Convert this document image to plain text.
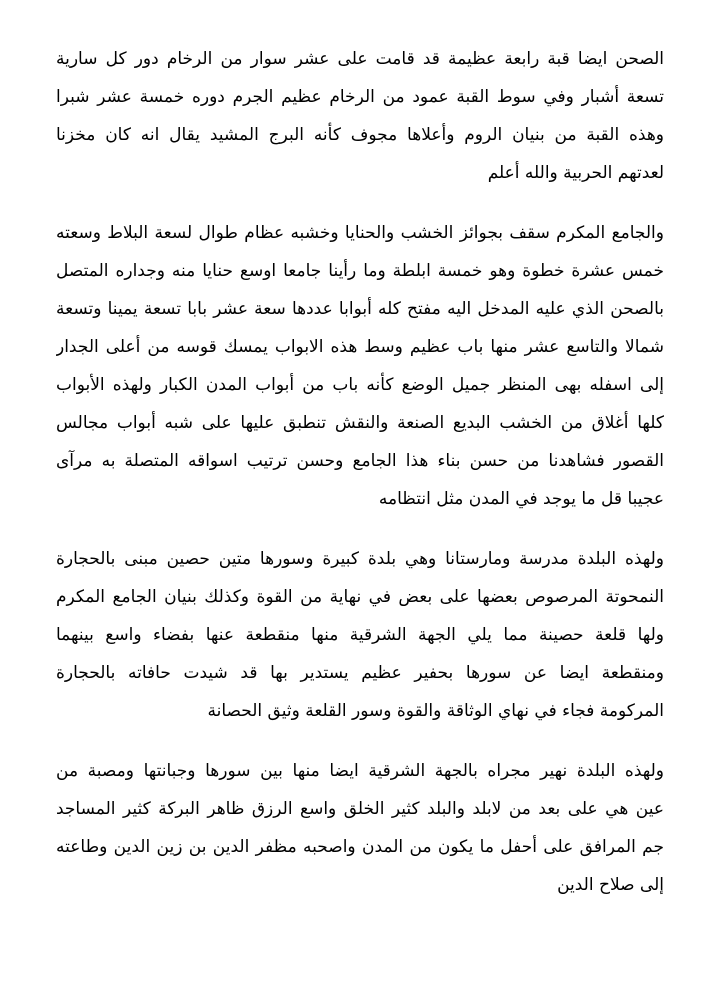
الصحن ايضا قبة رابعة عظيمة قد قامت على عشر سوار من الرخام دور كل سارية
تسعة أشبار وفي سوط القبة عمود من الرخام عظيم الجرم دوره خمسة عشر شبرا
وهذه القبة من بنيان الروم وأعلاها مجوف كأنه البرج المشيد يقال انه كان مخزنا
لعدتهم الحربية والله أعلم
والجامع المكرم سقف بجوائز الخشب والحنايا وخشبه عظام طوال لسعة البلاط وسعته
خمس عشرة خطوة وهو خمسة ابلطة وما رأينا جامعا اوسع حنايا منه وجداره المتصل
بالصحن الذي عليه المدخل اليه مفتح كله أبوابا عددها سعة عشر بابا تسعة يمينا وتسعة
شمالا والتاسع عشر منها باب عظيم وسط هذه الابواب يمسك قوسه من أعلى الجدار
إلى اسفله بهى المنظر جميل الوضع كأنه باب من أبواب المدن الكبار ولهذه الأبواب
كلها أغلاق من الخشب البديع الصنعة والنقش تنطبق عليها على شبه أبواب مجالس
القصور فشاهدنا من حسن بناء هذا الجامع وحسن ترتيب اسواقه المتصلة به مرآى
عجيبا قل ما يوجد في المدن مثل انتظامه
ولهذه البلدة مدرسة ومارستانا وهي بلدة كبيرة وسورها متين حصين مبنى بالحجارة
النمحوتة المرصوص بعضها على بعض في نهاية من القوة وكذلك بنيان الجامع المكرم
ولها قلعة حصينة مما يلي الجهة الشرقية منها منقطعة عنها بفضاء واسع بينهما
ومنقطعة ايضا عن سورها بحفير عظيم يستدير بها قد شيدت حافاته بالحجارة
المركومة فجاء في نهاي الوثاقة والقوة وسور القلعة وثيق الحصانة
ولهذه البلدة نهير مجراه بالجهة الشرقية ايضا منها بين سورها وجبانتها ومصبة من
عين هي على بعد من لابلد والبلد كثير الخلق واسع الرزق ظاهر البركة كثير المساجد
جم المرافق على أحفل ما يكون من المدن واصحبه مظفر الدين بن زين الدين وطاعته
إلى صلاح الدين
